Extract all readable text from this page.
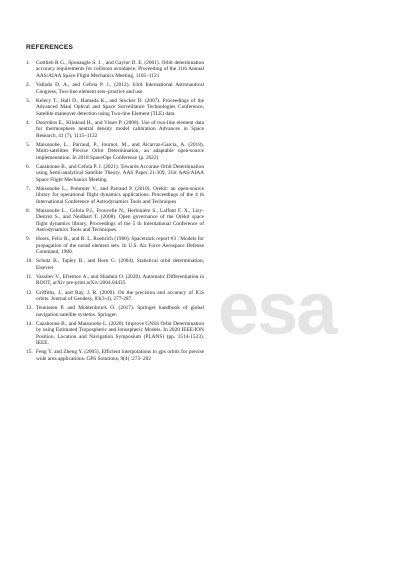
REFERENCES
1. Gottlieb R G., Sponaugle S. J. , and Gaylor D. E. (2001). Orbit determination accuracy requirements for collision avoidance, Proceeding of the 11th Annual AAS/AIAA Space Flight Mechanics Meeting, 1105–1121
2. Vallado D. A., and Cefola P. J., (2012). 63rd International Astronautical Congress, Two-line element sets–practice and use
3. Kelecy T., Hall D., Hamada K., and Stocker D. (2007). Proceedings of the Advanced Maui Optical and Space Surveillance Technologies Conference, Satellite maneuver detection using Two-line Element (TLE) data
4. Doornbos E., Klinkrad H., and Visser P. (2008). Use of two-line element data for thermosphere neutral density model calibration Advances in Space Research, 41 (7), 1115–1122
5. Maisonobe, L., Parraud, P., Journot, M., and Alcarraz-Garcia, A. (2018). Multi-satellites Precise Orbit Determination, an adaptable open-source implementation. In 2018 SpaceOps Conference (p. 2622)
6. Cazabonne B., and Cefola P. J. (2021). Towards Accurate Orbit Determination using Semi-analytical Satellite Theory, AAS Paper 21-309, 31st AAS/AIAA Space Flight Mechanics Meeting
7. Maisonobe L., Pommier V., and Parraud P. (2010). Orekit: an open-source library for operational flight dynamics applications. Proceedings of the 4 th International Conference of Astrodynamics Tools and Techniques
8. Maisonobe L., Cefola P.J., Frouvelle N., Herbinière S., Laffont F. X., Lizy-Destrez S., and Neidhart T. (2008). Open governance of the Orekit space flight dynamics library, Proceedings of the 5 th International Conference of Astrodynamics Tools and Techniques.
9. Hoots, Felix R., and R. L. Roehrich (1980). Spacetrack report #3 : Models for propagation of the norad element sets. In U.S. Air Force Aerospace Defense Command, 1980.
10. Schutz B., Tapley B., and Born G. (2004). Statistical orbit determination, Elsevier
11. Vassilev V., Efremov A., and Shadura O. (2020). Automatic Differentiation in ROOT, arXiv pre-print arXiv:2004.04435
12. Griffiths, J., and Ray, J. R. (2009). On the precision and accuracy of IGS orbits. Journal of Geodesy, 83(3-4), 277-287.
13. Teunissen P. and Montenbruck O. (2017). Springer handbook of global navigation satellite systems. Springer.
14. Cazabonne B., and Maisonobe L. (2020). Improve GNSS Orbit Determination by using Estimated Tropospheric and Ionospheric Models. In 2020 IEEE/ION Position, Location and Navigation Symposium (PLANS) (pp. 1514-1523). IEEE.
15. Feng Y. and Zheng Y. (2005). Efficient interpolations to gps orbits for precise wide area applications. GPS Solutions, 9(4) :273–282
esa
